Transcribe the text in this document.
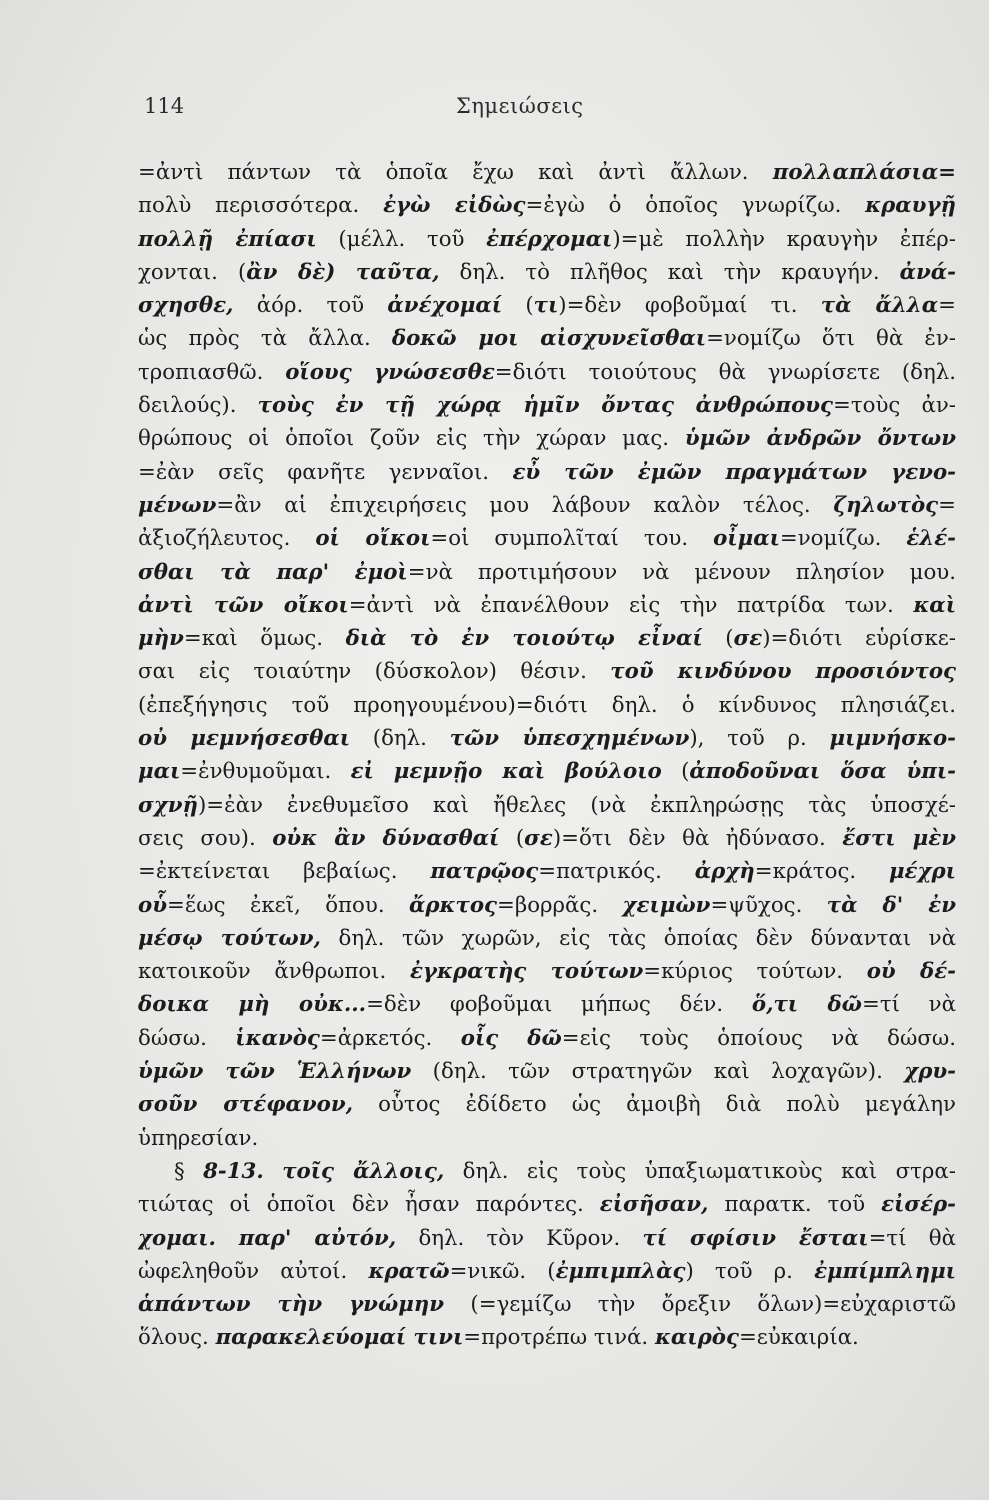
114	Σημειώσεις
=ἀντὶ πάντων τὰ ὁποῖα ἔχω καὶ ἀντὶ ἄλλων. πολλαπλάσια=
πολὺ περισσότερα. ἐγὼ εἰδὼς=ἐγὼ ὁ ὁποῖος γνωρίζω. κραυγῇ
πολλῇ ἐπίασι (μέλλ. τοῦ ἐπέρχομαι)=μὲ πολλὴν κραυγὴν ἐπέρ-
χονται. (ἂν δὲ) ταῦτα, δηλ. τὸ πλῆθος καὶ τὴν κραυγήν. ἀνά-
σχησθε, ἀόρ. τοῦ ἀνέχομαί (τι)=δὲν φοβοῦμαί τι. τὰ ἄλλα=
ὡς πρὸς τὰ ἄλλα. δοκῶ μοι αἰσχυνεῖσθαι=νομίζω ὅτι θὰ ἐν-
τροπιασθῶ. οἵους γνώσεσθε=διότι τοιούτους θὰ γνωρίσετε (δηλ.
δειλούς). τοὺς ἐν τῇ χώρᾳ ἡμῖν ὄντας ἀνθρώπους=τοὺς ἀν-
θρώπους οἱ ὁποῖοι ζοῦν εἰς τὴν χώραν μας. ὑμῶν ἀνδρῶν ὄντων
=ἐὰν σεῖς φανῆτε γενναῖοι. εὖ τῶν ἐμῶν πραγμάτων γενο-
μένων=ἂν αἱ ἐπιχειρήσεις μου λάβουν καλὸν τέλος. ζηλωτὸς=
ἀξιοζήλευτος. οἱ οἴκοι=οἱ συμπολῖταί του. οἶμαι=νομίζω. ἑλέ-
σθαι τὰ παρ' ἐμοὶ=νὰ προτιμήσουν νὰ μένουν πλησίον μου.
ἀντὶ τῶν οἴκοι=ἀντὶ νὰ ἐπανέλθουν εἰς τὴν πατρίδα των. καὶ
μὴν=καὶ ὅμως. διὰ τὸ ἐν τοιούτῳ εἶναί (σε)=διότι εὑρίσκε-
σαι εἰς τοιαύτην (δύσκολον) θέσιν. τοῦ κινδύνου προσιόντος
(ἐπεξήγησις τοῦ προηγουμένου)=διότι δηλ. ὁ κίνδυνος πλησιάζει.
οὐ μεμνήσεσθαι (δηλ. τῶν ὑπεσχημένων), τοῦ ρ. μιμνήσκο-
μαι=ἐνθυμοῦμαι. εἰ μεμνῇο καὶ βούλοιο (ἀποδοῦναι ὅσα ὑπι-
σχνῇ)=ἐὰν ἐνεθυμεῖσο καὶ ἤθελες (νὰ ἐκπληρώσῃς τὰς ὑποσχέ-
σεις σου). οὐκ ἂν δύνασθαί (σε)=ὅτι δὲν θὰ ἠδύνασο. ἔστι μὲν
=ἐκτείνεται βεβαίως. πατρῷος=πατρικός. ἀρχὴ=κράτος. μέχρι
οὗ=ἕως ἐκεῖ, ὅπου. ἄρκτος=βορρᾶς. χειμὼν=ψῦχος. τὰ δ' ἐν
μέσῳ τούτων, δηλ. τῶν χωρῶν, εἰς τὰς ὁποίας δὲν δύνανται νὰ
κατοικοῦν ἄνθρωποι. ἐγκρατὴς τούτων=κύριος τούτων. οὐ δέ-
δοικα μὴ οὐκ...=δὲν φοβοῦμαι μήπως δέν. ὅ,τι δῶ=τί νὰ
δώσω. ἱκανὸς=ἀρκετός. οἷς δῶ=εἰς τοὺς ὁποίους νὰ δώσω.
ὑμῶν τῶν Ἑλλήνων (δηλ. τῶν στρατηγῶν καὶ λοχαγῶν). χρυ-
σοῦν στέφανον, οὗτος ἐδίδετο ὡς ἀμοιβὴ διὰ πολὺ μεγάλην
ὑπηρεσίαν.
§ 8-13. τοῖς ἄλλοις, δηλ. εἰς τοὺς ὑπαξιωματικοὺς καὶ στρα-
τιώτας οἱ ὁποῖοι δὲν ἦσαν παρόντες. εἰσῆσαν, παρατκ. τοῦ εἰσέρ-
χομαι. παρ' αὐτόν, δηλ. τὸν Κῦρον. τί σφίσιν ἔσται=τί θὰ
ὠφεληθοῦν αὐτοί. κρατῶ=νικῶ. (ἐμπιμπλὰς) τοῦ ρ. ἐμπίμπλημι
ἁπάντων τὴν γνώμην (=γεμίζω τὴν ὄρεξιν ὅλων)=εὐχαριστῶ
ὅλους. παρακελεύομαί τινι=προτρέπω τινά. καιρὸς=εὐκαιρία.
